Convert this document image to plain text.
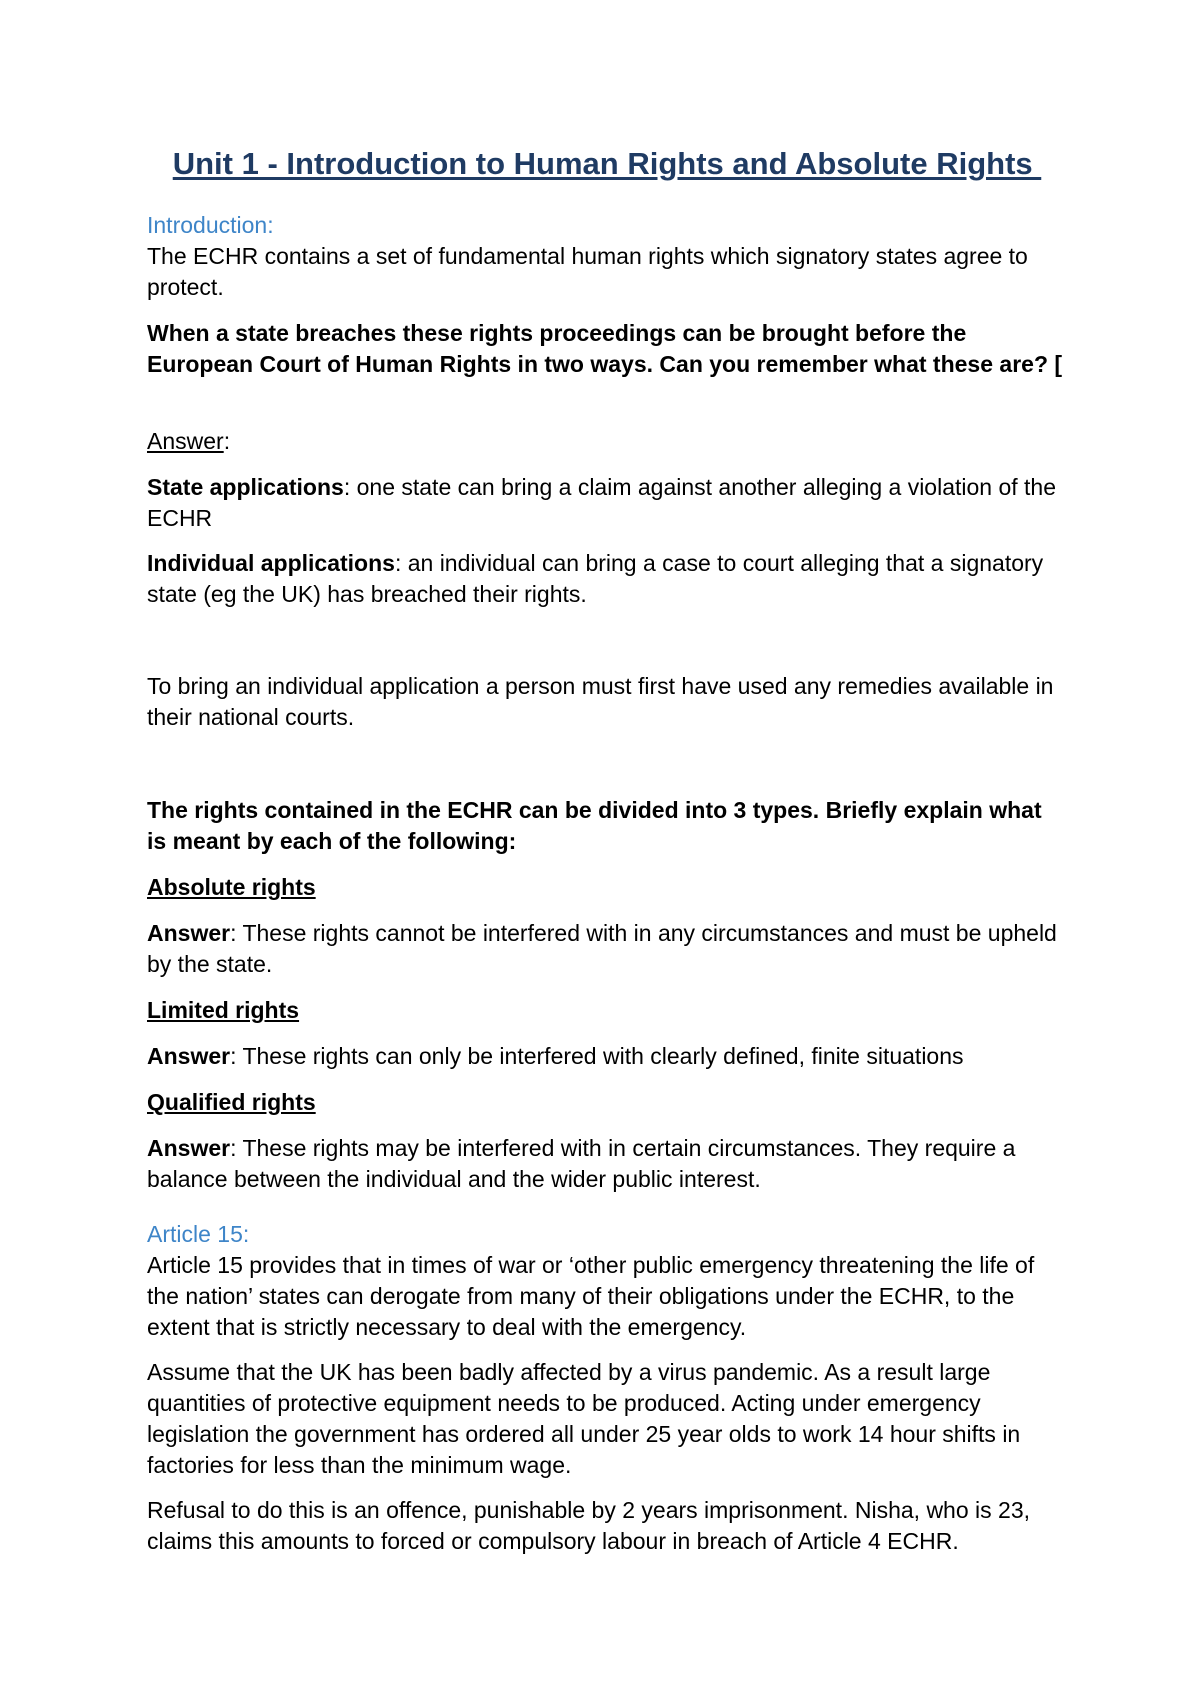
Unit 1 - Introduction to Human Rights and Absolute Rights

Introduction:

The ECHR contains a set of fundamental human rights which signatory states agree to protect.

When a state breaches these rights proceedings can be brought before the European Court of Human Rights in two ways. Can you remember what these are? [

Answer:

State applications: one state can bring a claim against another alleging a violation of the ECHR

Individual applications: an individual can bring a case to court alleging that a signatory state (eg the UK) has breached their rights.

To bring an individual application a person must first have used any remedies available in their national courts.

The rights contained in the ECHR can be divided into 3 types. Briefly explain what is meant by each of the following:

Absolute rights

Answer: These rights cannot be interfered with in any circumstances and must be upheld by the state.

Limited rights

Answer: These rights can only be interfered with clearly defined, finite situations

Qualified rights

Answer: These rights may be interfered with in certain circumstances. They require a balance between the individual and the wider public interest.

Article 15:

Article 15 provides that in times of war or ‘other public emergency threatening the life of the nation’ states can derogate from many of their obligations under the ECHR, to the extent that is strictly necessary to deal with the emergency.

Assume that the UK has been badly affected by a virus pandemic. As a result large quantities of protective equipment needs to be produced. Acting under emergency legislation the government has ordered all under 25 year olds to work 14 hour shifts in factories for less than the minimum wage.

Refusal to do this is an offence, punishable by 2 years imprisonment. Nisha, who is 23, claims this amounts to forced or compulsory labour in breach of Article 4 ECHR.
